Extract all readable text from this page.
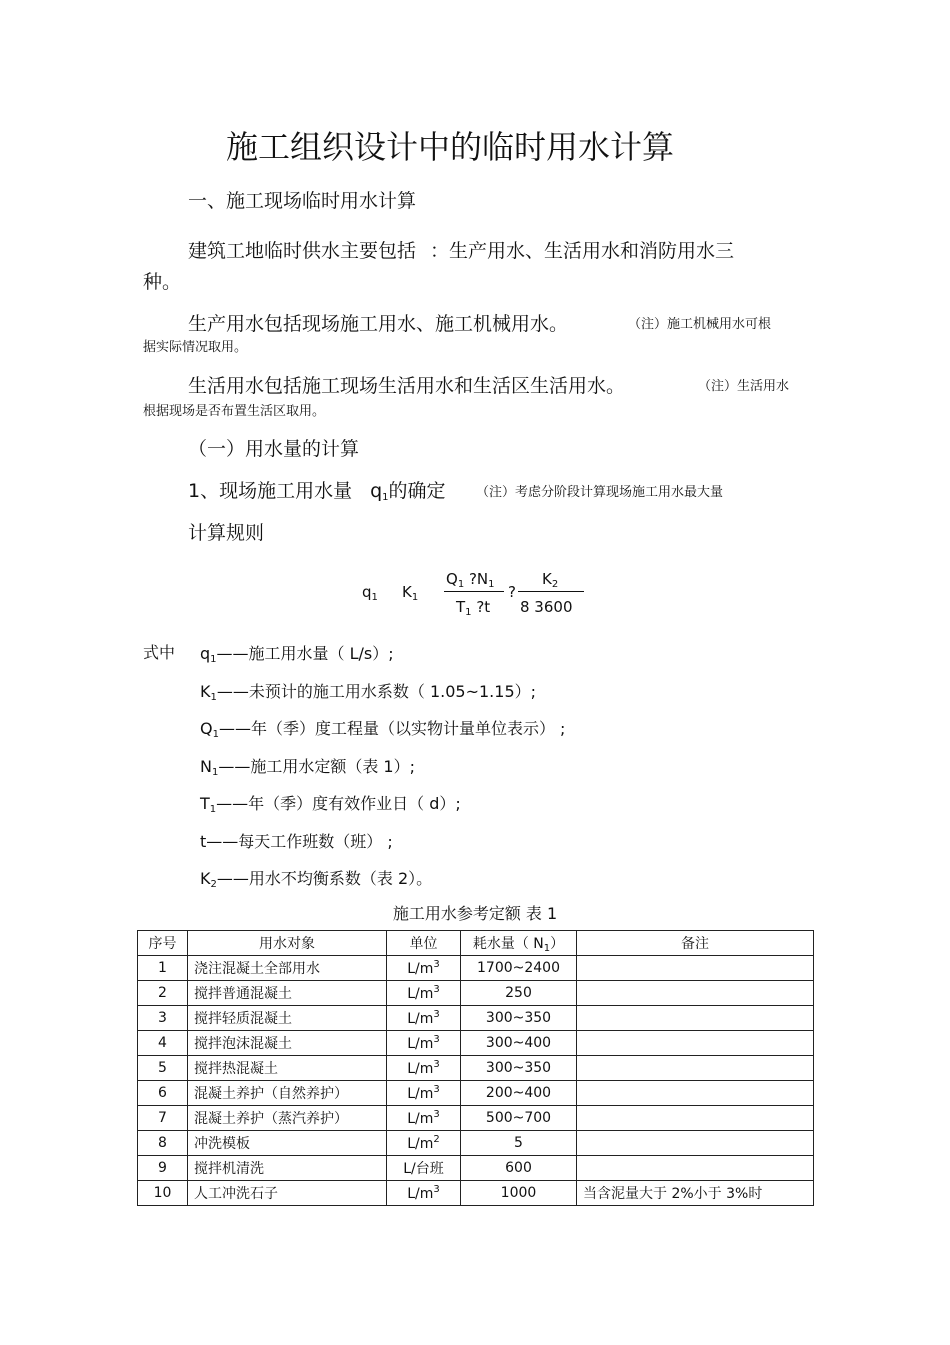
施工组织设计中的临时用水计算
一、施工现场临时用水计算
建筑工地临时供水主要包括 ：生产用水、生活用水和消防用水三
种。
生产用水包括现场施工用水、施工机械用水。	（注）施工机械用水可根
据实际情况取用。
生活用水包括施工现场生活用水和生活区生活用水。	（注）生活用水
根据现场是否布置生活区取用。
（一）用水量的计算
1、现场施工用水量 $q_1$的确定 （注）考虑分阶段计算现场施工用水最大量
计算规则
$q_1$ $K_1$
$Q_1$ $?N_1$
$T_1$ ?t
?
$K_2$
8 3600
式中 $q_1——$施工用水量（ L/s）;
$K_1——$未预计的施工用水系数（ 1.05~1.15）;
$Q_1——$年（季）度工程量（以实物计量单位表示） ;
$N_1——$施工用水定额（表 1）;
$T_1——$年（季）度有效作业日（ d）;
t——每天工作班数（班） ;
$K_2——$用水不均衡系数（表 2）。
施工用水参考定额 表 1
序号	用水对象	单位	耗水量（ $N_1$）	备注
1	浇注混凝土全部用水	$L/m^3$	1700~2400	
2	搅拌普通混凝土	$L/m^3$	250	
3	搅拌轻质混凝土	$L/m^3$	300~350	
4	搅拌泡沫混凝土	$L/m^3$	300~400	
5	搅拌热混凝土	$L/m^3$	300~350	
6	混凝土养护（自然养护）	$L/m^3$	200~400	
7	混凝土养护（蒸汽养护）	$L/m^3$	500~700	
8	冲洗模板	$L/m^2$	5	
9	搅拌机清洗	L/台班	600	
10	人工冲洗石子	$L/m^3$	1000	当含泥量大于 2%小于 3%时
